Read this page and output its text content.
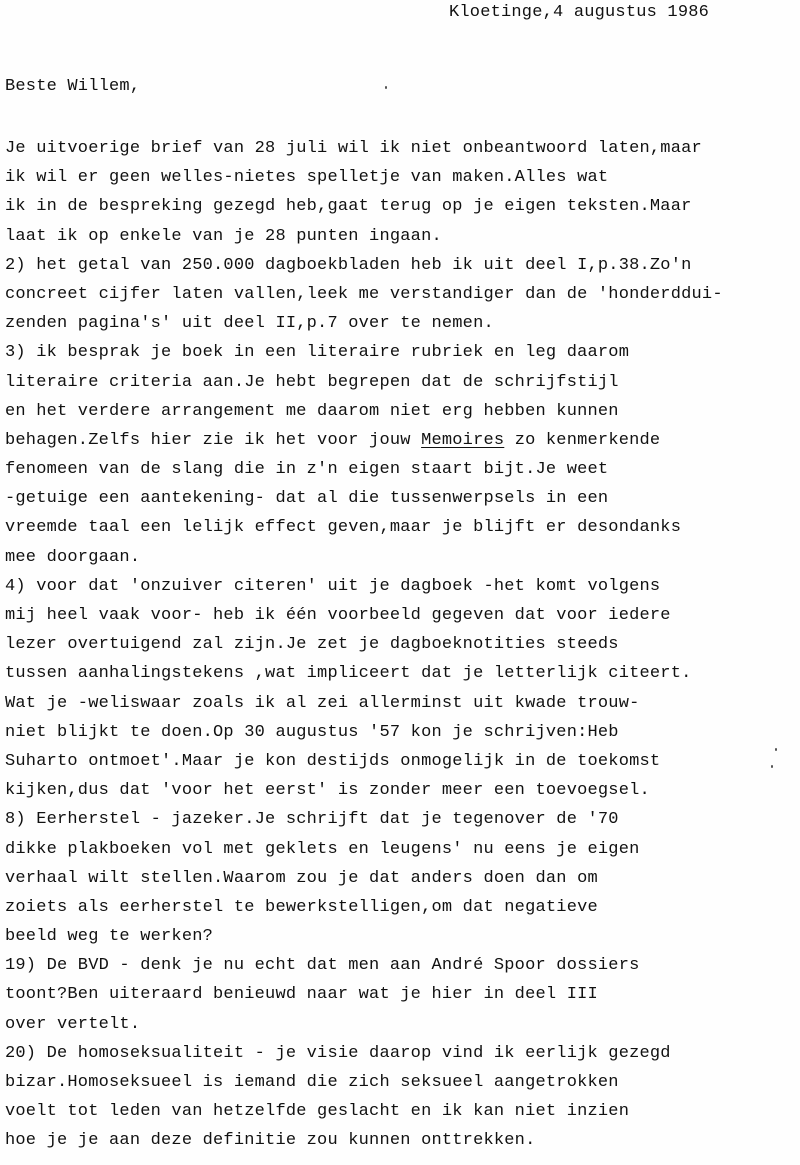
Kloetinge,4 augustus 1986
Beste Willem,
Je uitvoerige brief van 28 juli wil ik niet onbeantwoord laten,maar
ik wil er geen welles-nietes spelletje van maken.Alles wat
ik in de bespreking gezegd heb,gaat terug op je eigen teksten.Maar
laat ik op enkele van je 28 punten ingaan.
2) het getal van 250.000 dagboekbladen heb ik uit deel I,p.38.Zo'n
concreet cijfer laten vallen,leek me verstandiger dan de 'honderddui-
zenden pagina's' uit deel II,p.7 over te nemen.
3) ik besprak je boek in een literaire rubriek en leg daarom
literaire criteria aan.Je hebt begrepen dat de schrijfstijl
en het verdere arrangement me daarom niet erg hebben kunnen
behagen.Zelfs hier zie ik het voor jouw Memoires zo kenmerkende
fenomeen van de slang die in z'n eigen staart bijt.Je weet
-getuige een aantekening- dat al die tussenwerpsels in een
vreemde taal een lelijk effect geven,maar je blijft er desondanks
mee doorgaan.
4) voor dat 'onzuiver citeren' uit je dagboek -het komt volgens
mij heel vaak voor- heb ik één voorbeeld gegeven dat voor iedere
lezer overtuigend zal zijn.Je zet je dagboeknotities steeds
tussen aanhalingstekens ,wat impliceert dat je letterlijk citeert.
Wat je -weliswaar zoals ik al zei allerminst uit kwade trouw-
niet blijkt te doen.Op 30 augustus '57 kon je schrijven:Heb
Suharto ontmoet'.Maar je kon destijds onmogelijk in de toekomst
kijken,dus dat 'voor het eerst' is zonder meer een toevoegsel.
8) Eerherstel - jazeker.Je schrijft dat je tegenover de '70
dikke plakboeken vol met geklets en leugens' nu eens je eigen
verhaal wilt stellen.Waarom zou je dat anders doen dan om
zoiets als eerherstel te bewerkstelligen,om dat negatieve
beeld weg te werken?
19) De BVD - denk je nu echt dat men aan André Spoor dossiers
toont?Ben uiteraard benieuwd naar wat je hier in deel III
over vertelt.
20) De homoseksualiteit - je visie daarop vind ik eerlijk gezegd
bizar.Homoseksueel is iemand die zich seksueel aangetrokken
voelt tot leden van hetzelfde geslacht en ik kan niet inzien
hoe je je aan deze definitie zou kunnen onttrekken.
